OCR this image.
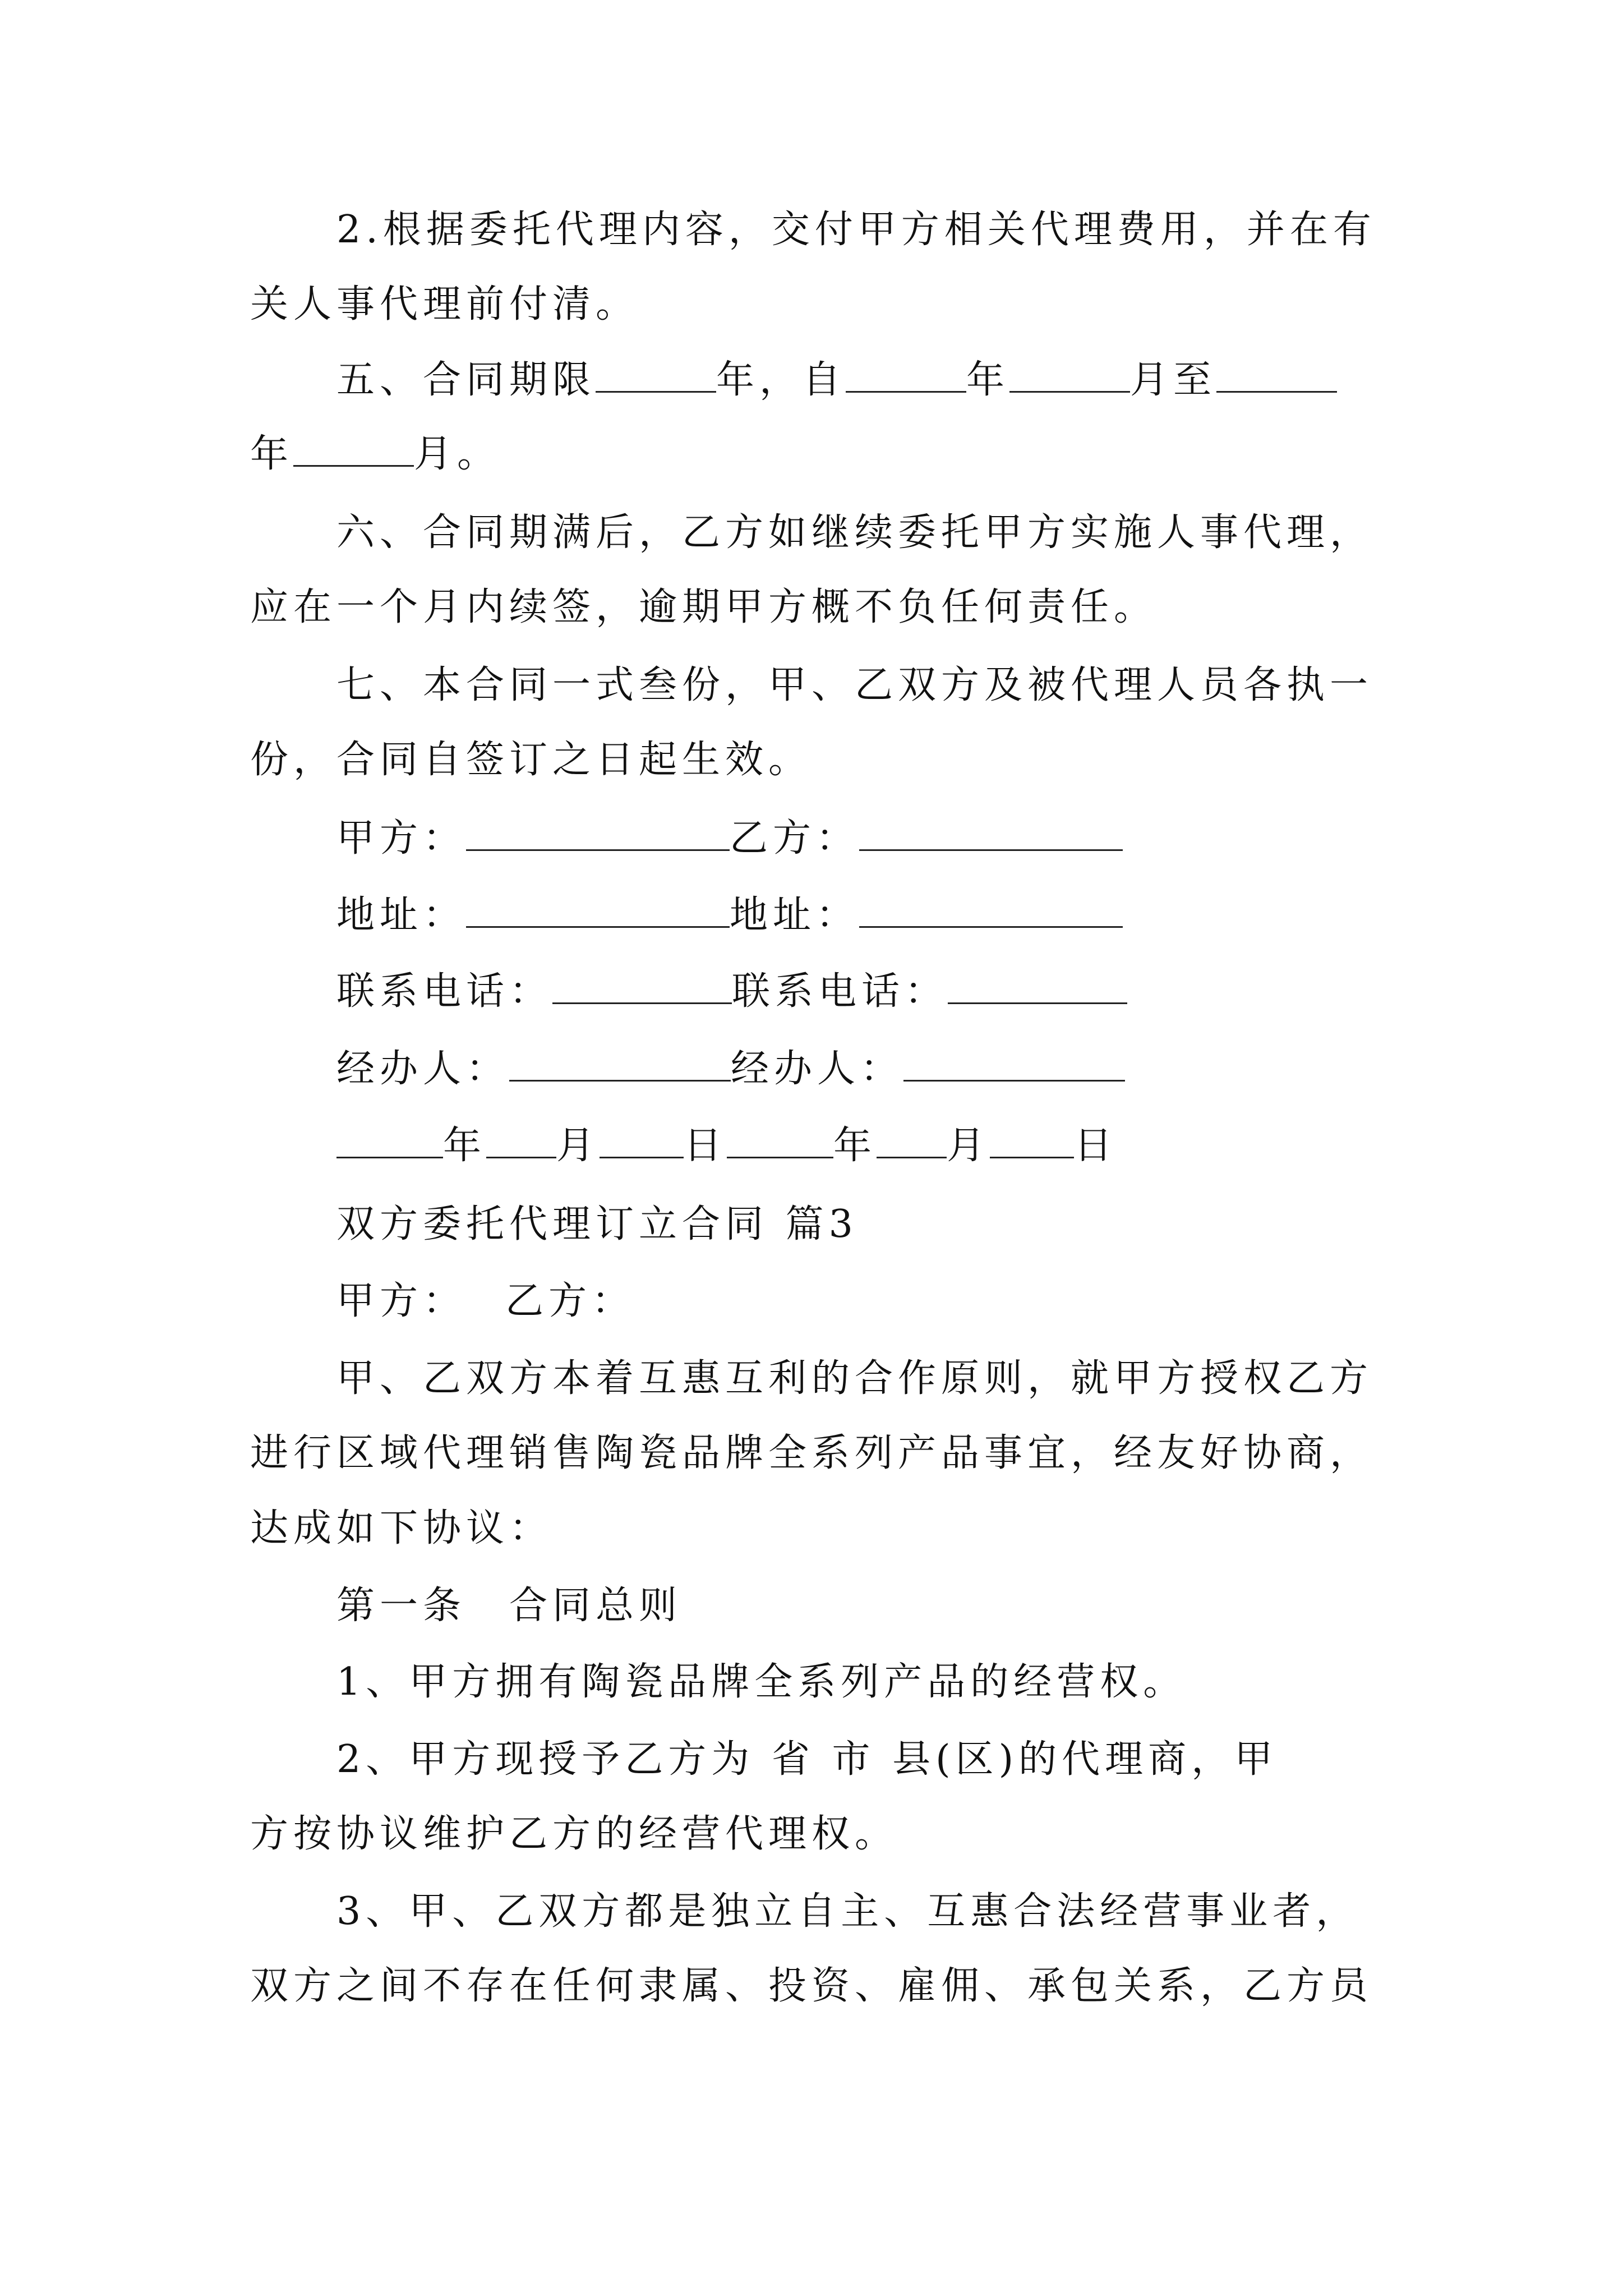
2.根据委托代理内容，交付甲方相关代理费用，并在有
关人事代理前付清。
五、合同期限	年，自	年	月至
年	月。
六、合同期满后，乙方如继续委托甲方实施人事代理，
应在一个月内续签，逾期甲方概不负任何责任。
七、本合同一式叁份，甲、乙双方及被代理人员各执一
份，合同自签订之日起生效。
甲方：	乙方：
地址：	地址：
联系电话：	联系电话：
经办人：	经办人：
年 月 日	年 月 日
双方委托代理订立合同 篇3
甲方： 乙方：
甲、乙双方本着互惠互利的合作原则，就甲方授权乙方
进行区域代理销售陶瓷品牌全系列产品事宜，经友好协商，
达成如下协议：
第一条　合同总则
1、甲方拥有陶瓷品牌全系列产品的经营权。
2、甲方现授予乙方为 省 市 县(区)的代理商，甲
方按协议维护乙方的经营代理权。
3、甲、乙双方都是独立自主、互惠合法经营事业者，
双方之间不存在任何隶属、投资、雇佣、承包关系，乙方员
